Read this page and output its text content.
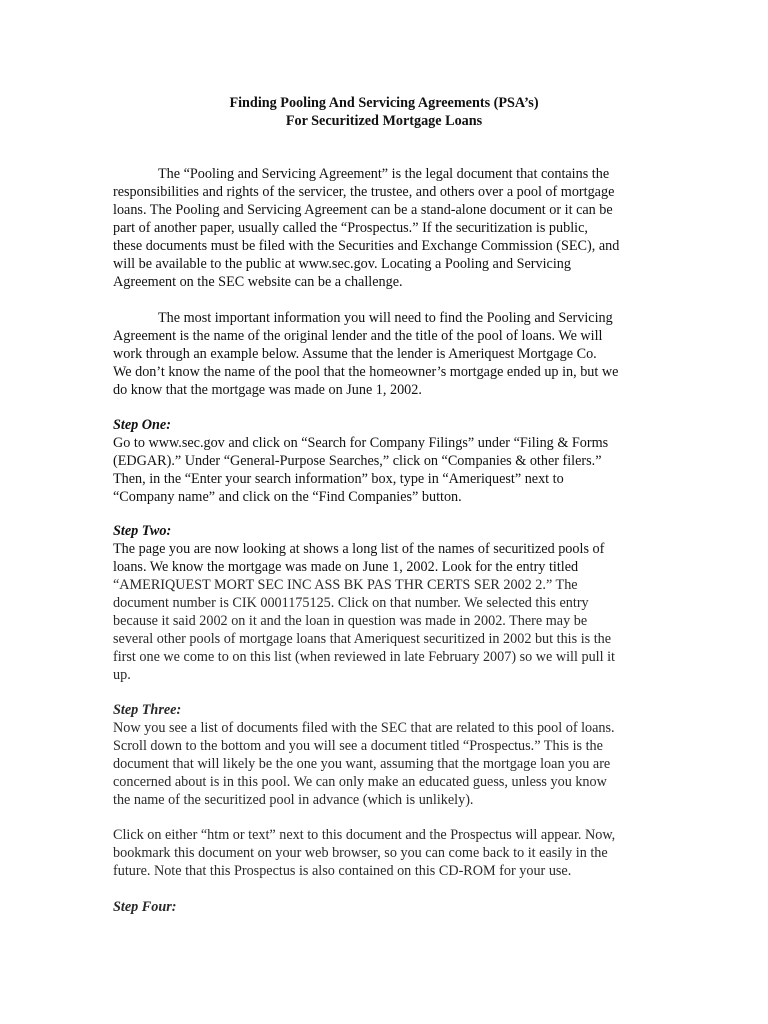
Finding Pooling And Servicing Agreements (PSA’s)

For Securitized Mortgage Loans

The “Pooling and Servicing Agreement” is the legal document that contains the
responsibilities and rights of the servicer, the trustee, and others over a pool of mortgage
loans. The Pooling and Servicing Agreement can be a stand-alone document or it can be
part of another paper, usually called the “Prospectus.” If the securitization is public,
these documents must be filed with the Securities and Exchange Commission (SEC), and
will be available to the public at www.sec.gov. Locating a Pooling and Servicing
Agreement on the SEC website can be a challenge.
The most important information you will need to find the Pooling and Servicing
Agreement is the name of the original lender and the title of the pool of loans. We will
work through an example below. Assume that the lender is Ameriquest Mortgage Co.
We don’t know the name of the pool that the homeowner’s mortgage ended up in, but we
do know that the mortgage was made on June 1, 2002.
Step One:
Go to www.sec.gov and click on “Search for Company Filings” under “Filing & Forms
(EDGAR).” Under “General-Purpose Searches,” click on “Companies & other filers.”
Then, in the “Enter your search information” box, type in “Ameriquest” next to
“Company name” and click on the “Find Companies” button.
Step Two:
The page you are now looking at shows a long list of the names of securitized pools of
loans. We know the mortgage was made on June 1, 2002. Look for the entry titled
“AMERIQUEST MORT SEC INC ASS BK PAS THR CERTS SER 2002 2.” The
document number is CIK 0001175125. Click on that number. We selected this entry
because it said 2002 on it and the loan in question was made in 2002. There may be
several other pools of mortgage loans that Ameriquest securitized in 2002 but this is the
first one we come to on this list (when reviewed in late February 2007) so we will pull it
up.
Step Three:
Now you see a list of documents filed with the SEC that are related to this pool of loans.
Scroll down to the bottom and you will see a document titled “Prospectus.” This is the
document that will likely be the one you want, assuming that the mortgage loan you are
concerned about is in this pool. We can only make an educated guess, unless you know
the name of the securitized pool in advance (which is unlikely).
Click on either “htm or text” next to this document and the Prospectus will appear. Now,
bookmark this document on your web browser, so you can come back to it easily in the
future. Note that this Prospectus is also contained on this CD-ROM for your use.
Step Four:
